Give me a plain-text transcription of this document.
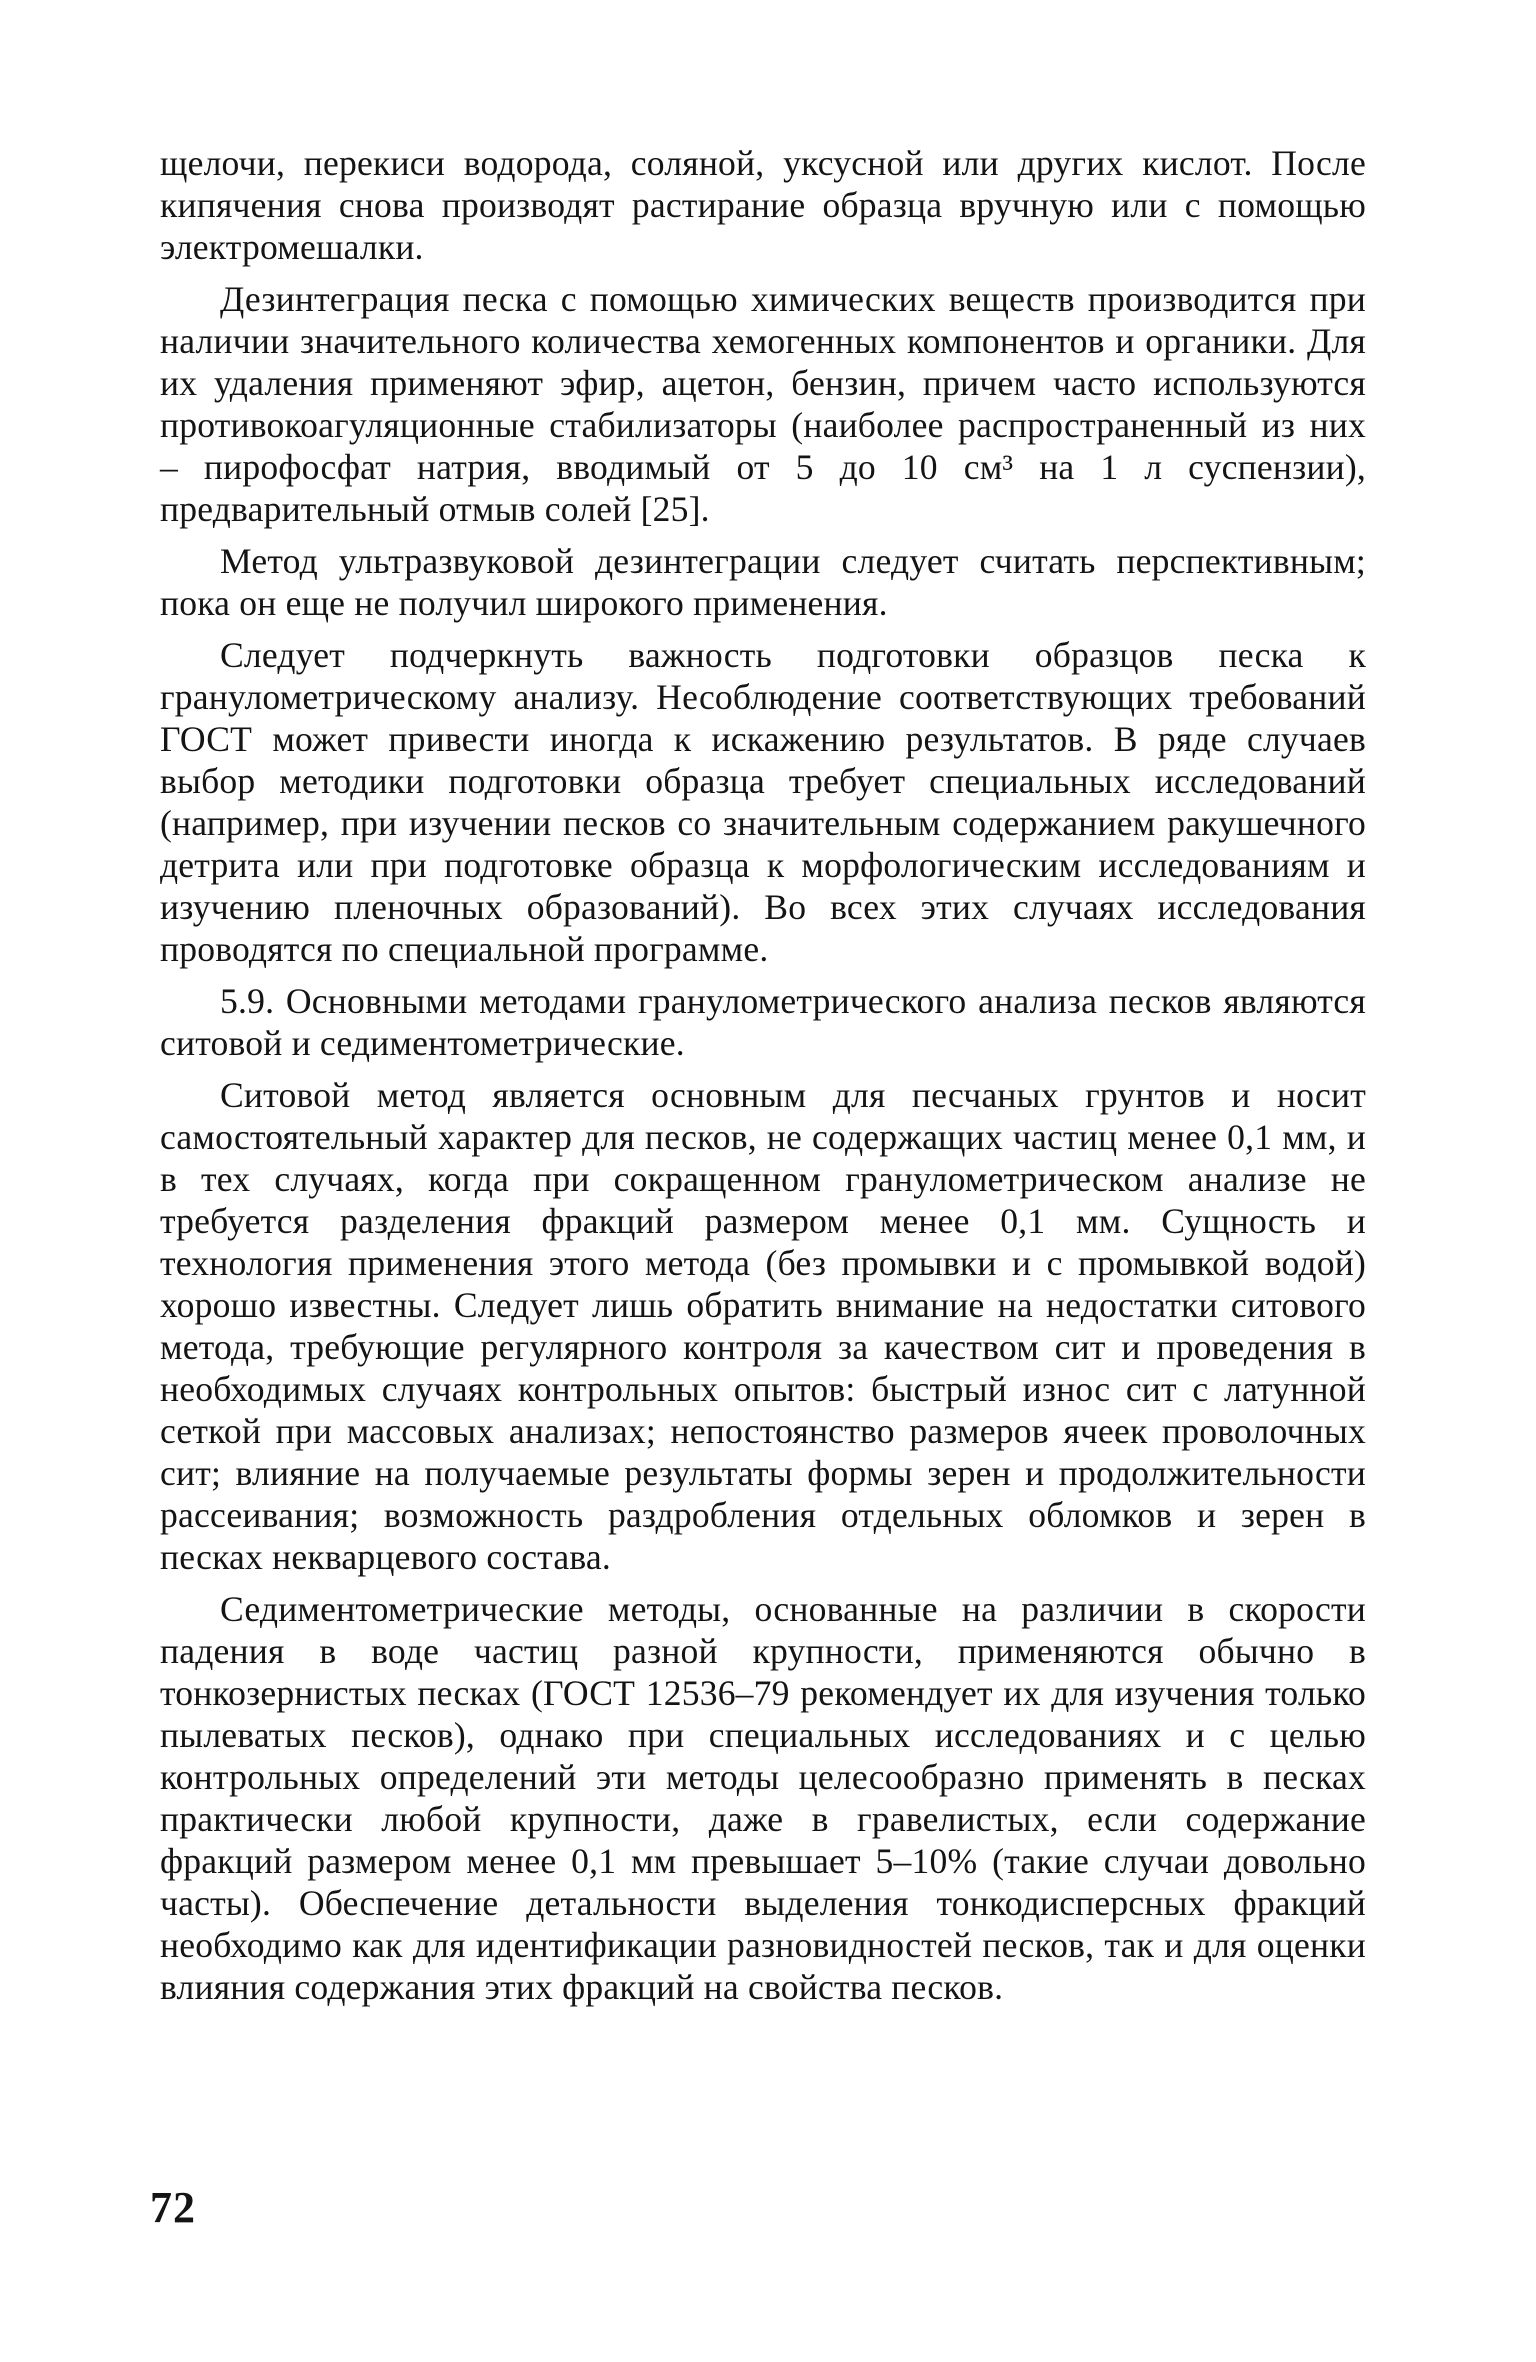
щелочи, перекиси водорода, соляной, уксусной или других кислот. После кипячения снова производят растирание образца вручную или с помощью электромешалки.

Дезинтеграция песка с помощью химических веществ производится при наличии значительного количества хемогенных компонентов и органики. Для их удаления применяют эфир, ацетон, бензин, причем часто используются противокоагуляционные стабилизаторы (наиболее распространенный из них – пирофосфат натрия, вводимый от 5 до 10 см³ на 1 л суспензии), предварительный отмыв солей [25].

Метод ультразвуковой дезинтеграции следует считать перспективным; пока он еще не получил широкого применения.

Следует подчеркнуть важность подготовки образцов песка к гранулометрическому анализу. Несоблюдение соответствующих требований ГОСТ может привести иногда к искажению результатов. В ряде случаев выбор методики подготовки образца требует специальных исследований (например, при изучении песков со значительным содержанием ракушечного детрита или при подготовке образца к морфологическим исследованиям и изучению пленочных образований). Во всех этих случаях исследования проводятся по специальной программе.

5.9. Основными методами гранулометрического анализа песков являются ситовой и седиментометрические.

Ситовой метод является основным для песчаных грунтов и носит самостоятельный характер для песков, не содержащих частиц менее 0,1 мм, и в тех случаях, когда при сокращенном гранулометрическом анализе не требуется разделения фракций размером менее 0,1 мм. Сущность и технология применения этого метода (без промывки и с промывкой водой) хорошо известны. Следует лишь обратить внимание на недостатки ситового метода, требующие регулярного контроля за качеством сит и проведения в необходимых случаях контрольных опытов: быстрый износ сит с латунной сеткой при массовых анализах; непостоянство размеров ячеек проволочных сит; влияние на получаемые результаты формы зерен и продолжительности рассеивания; возможность раздробления отдельных обломков и зерен в песках некварцевого состава.

Седиментометрические методы, основанные на различии в скорости падения в воде частиц разной крупности, применяются обычно в тонкозернистых песках (ГОСТ 12536–79 рекомендует их для изучения только пылеватых песков), однако при специальных исследованиях и с целью контрольных определений эти методы целесообразно применять в песках практически любой крупности, даже в гравелистых, если содержание фракций размером менее 0,1 мм превышает 5–10% (такие случаи довольно часты). Обеспечение детальности выделения тонкодисперсных фракций необходимо как для идентификации разновидностей песков, так и для оценки влияния содержания этих фракций на свойства песков.

72
